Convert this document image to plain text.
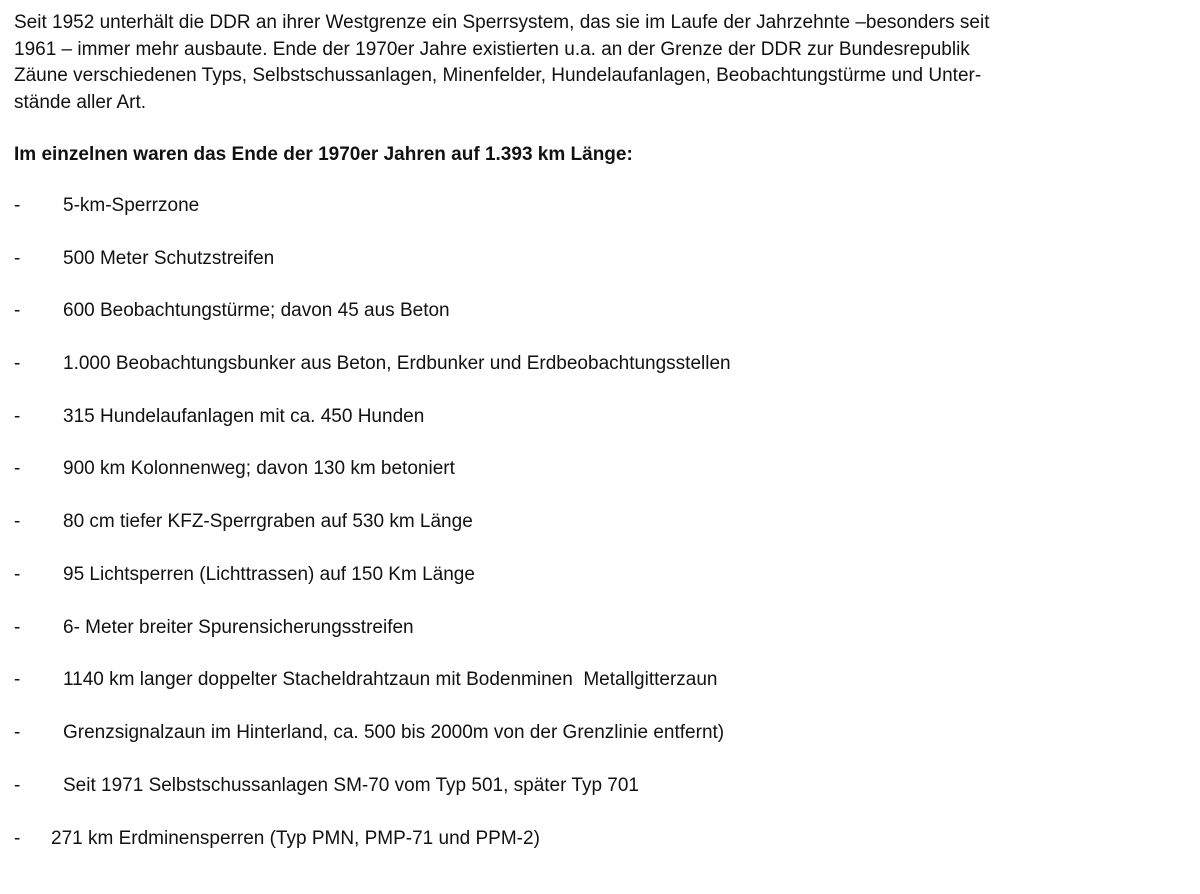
Seit 1952 unterhält die DDR an ihrer Westgrenze ein Sperrsystem, das sie im Laufe der Jahrzehnte –besonders seit
1961 – immer mehr ausbaute. Ende der 1970er Jahre existierten u.a. an der Grenze der DDR zur Bundesrepublik
Zäune verschiedenen Typs, Selbstschussanlagen, Minenfelder, Hundelaufanlagen, Beobachtungstürme und Unter-
stände aller Art.

Im einzelnen waren das Ende der 1970er Jahren auf 1.393 km Länge:

- 5-km-Sperrzone
- 500 Meter Schutzstreifen
- 600 Beobachtungstürme; davon 45 aus Beton
- 1.000 Beobachtungsbunker aus Beton, Erdbunker und Erdbeobachtungsstellen
- 315 Hundelaufanlagen mit ca. 450 Hunden
- 900 km Kolonnenweg; davon 130 km betoniert
- 80 cm tiefer KFZ-Sperrgraben auf 530 km Länge
- 95 Lichtsperren (Lichttrassen) auf 150 Km Länge
- 6- Meter breiter Spurensicherungsstreifen
- 1140 km langer doppelter Stacheldrahtzaun mit Bodenminen  Metallgitterzaun
- Grenzsignalzaun im Hinterland, ca. 500 bis 2000m von der Grenzlinie entfernt)
- Seit 1971 Selbstschussanlagen SM-70 vom Typ 501, später Typ 701
- 271 km Erdminensperren (Typ PMN, PMP-71 und PPM-2)
